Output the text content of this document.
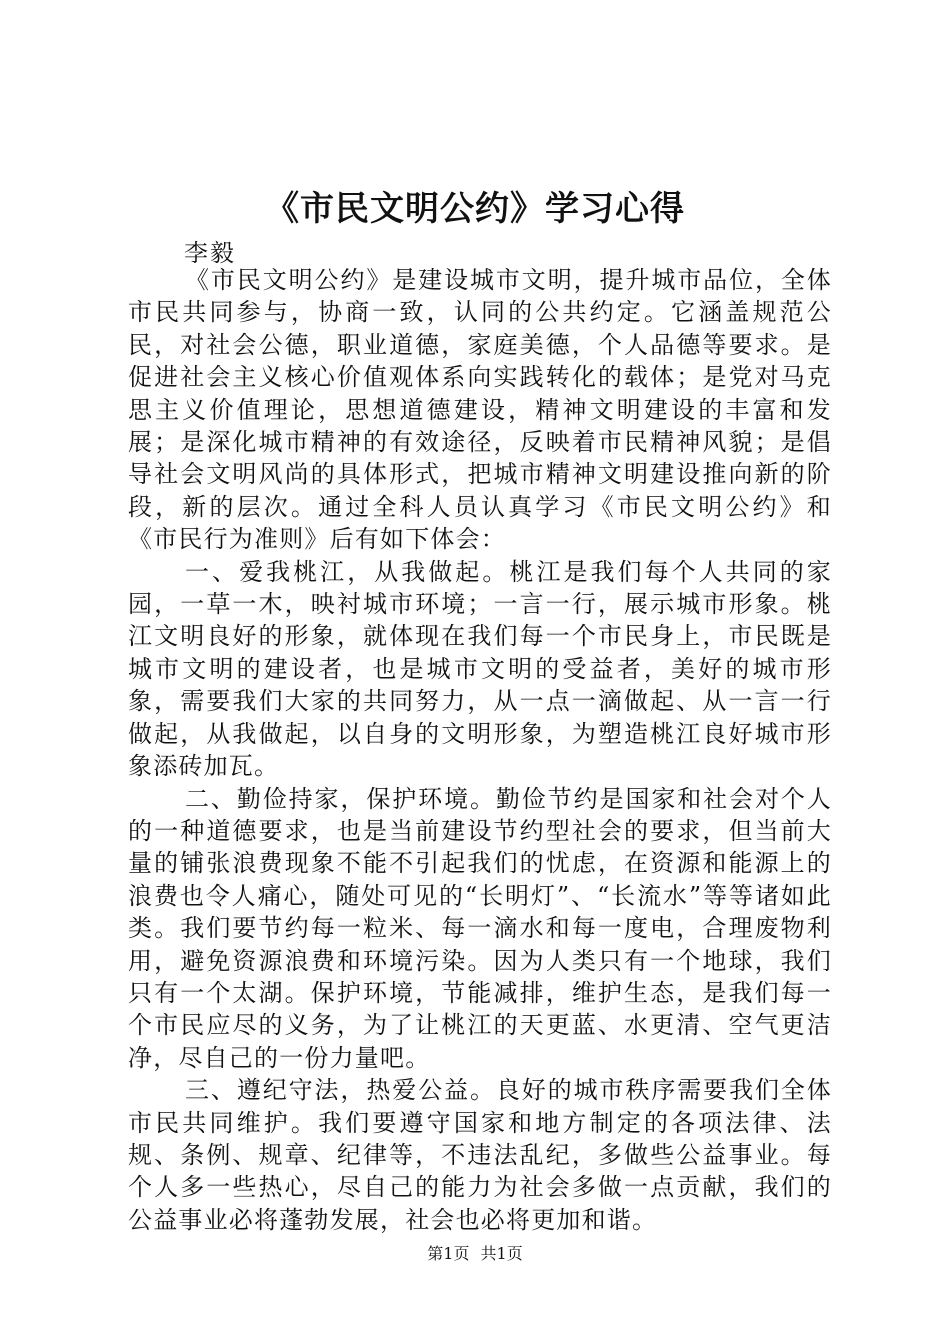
《市民文明公约》学习心得
李毅

《市民文明公约》是建设城市文明，提升城市品位，全体市民共同参与，协商一致，认同的公共约定。它涵盖规范公民，对社会公德，职业道德，家庭美德，个人品德等要求。是促进社会主义核心价值观体系向实践转化的载体；是党对马克思主义价值理论，思想道德建设，精神文明建设的丰富和发展；是深化城市精神的有效途径，反映着市民精神风貌；是倡导社会文明风尚的具体形式，把城市精神文明建设推向新的阶段，新的层次。通过全科人员认真学习《市民文明公约》和《市民行为准则》后有如下体会：

一、爱我桃江，从我做起。桃江是我们每个人共同的家园，一草一木，映衬城市环境；一言一行，展示城市形象。桃江文明良好的形象，就体现在我们每一个市民身上，市民既是城市文明的建设者，也是城市文明的受益者，美好的城市形象，需要我们大家的共同努力，从一点一滴做起、从一言一行做起，从我做起，以自身的文明形象，为塑造桃江良好城市形象添砖加瓦。

二、勤俭持家，保护环境。勤俭节约是国家和社会对个人的一种道德要求，也是当前建设节约型社会的要求，但当前大量的铺张浪费现象不能不引起我们的忧虑，在资源和能源上的浪费也令人痛心，随处可见的“长明灯”、“长流水”等等诸如此类。我们要节约每一粒米、每一滴水和每一度电，合理废物利用，避免资源浪费和环境污染。因为人类只有一个地球，我们只有一个太湖。保护环境，节能减排，维护生态，是我们每一个市民应尽的义务，为了让桃江的天更蓝、水更清、空气更洁净，尽自己的一份力量吧。

三、遵纪守法，热爱公益。良好的城市秩序需要我们全体市民共同维护。我们要遵守国家和地方制定的各项法律、法规、条例、规章、纪律等，不违法乱纪，多做些公益事业。每个人多一些热心，尽自己的能力为社会多做一点贡献，我们的公益事业必将蓬勃发展，社会也必将更加和谐。

第1页 共1页
